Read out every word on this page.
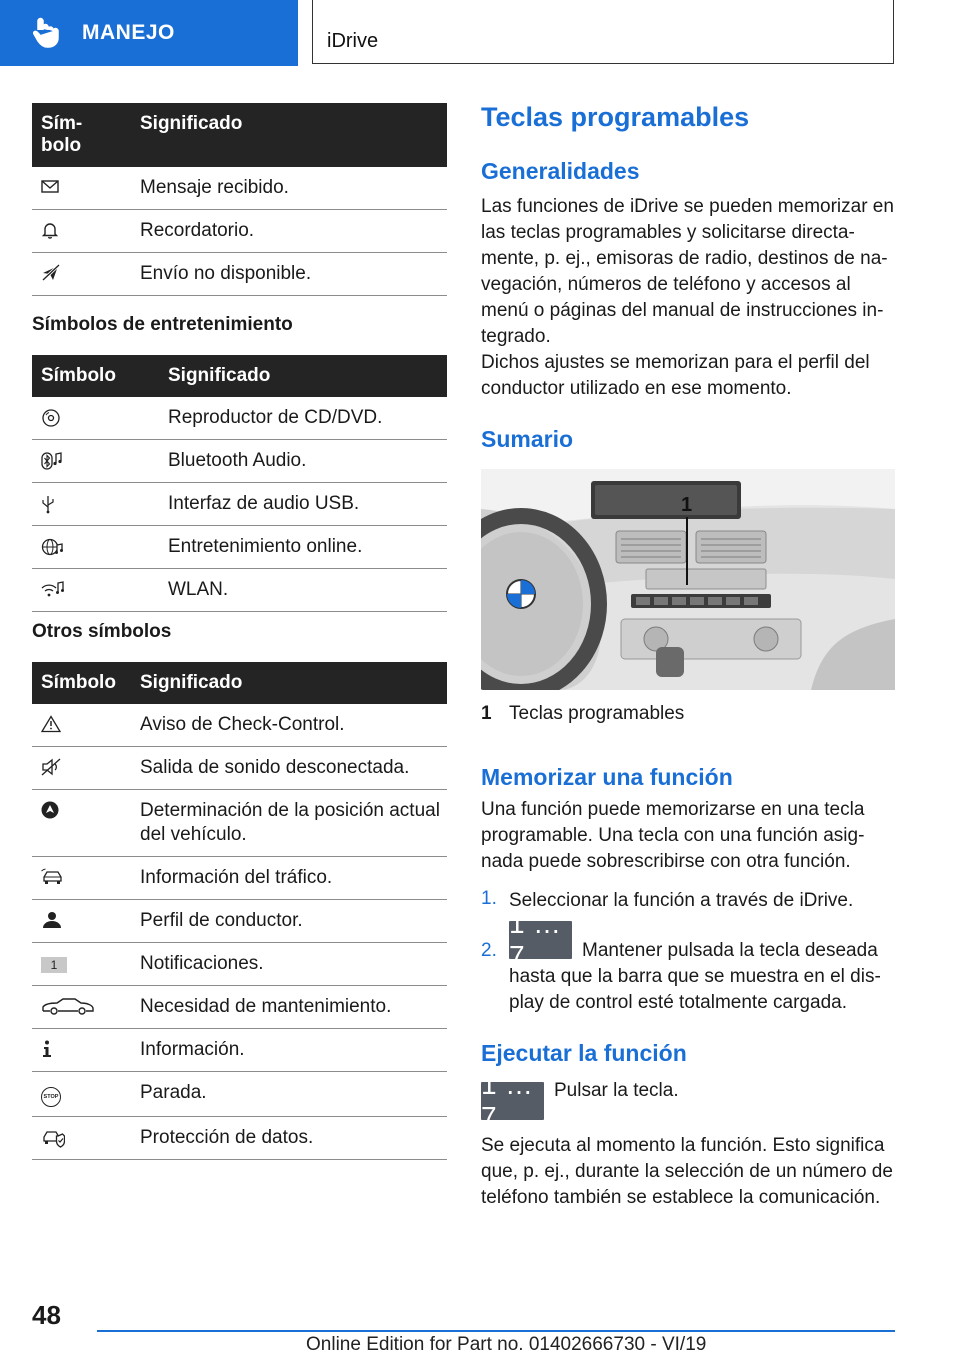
MANEJO	iDrive
Sím-
bolo	Significado

	Mensaje recibido.

	Recordatorio.

	Envío no disponible.
Símbolos de entretenimiento
Símbolo	Significado

	Reproductor de CD/DVD.

	Bluetooth Audio.

	Interfaz de audio USB.

	Entretenimiento online.

	WLAN.
Otros símbolos
Símbolo	Significado

	Aviso de Check-Control.

	Salida de sonido desconectada.

	Determinación de la posición actual del vehículo.

	Información del tráfico.

	Perfil de conductor.
1	Notificaciones.

	Necesidad de mantenimiento.

	Información.
STOP	Parada.

	Protección de datos.
Teclas programables
Generalidades
Las funciones de iDrive se pueden memorizar en las teclas programables y solicitarse directa-mente, p. ej., emisoras de radio, destinos de na-vegación, números de teléfono y accesos al menú o páginas del manual de instrucciones in-tegrado.
Dichos ajustes se memorizan para el perfil del conductor utilizado en ese momento.
Sumario
1
1 Teclas programables
Memorizar una función
Una función puede memorizarse en una tecla programable. Una tecla con una función asig-nada puede sobrescribirse con otra función.
1. Seleccionar la función a través de iDrive.
2.
1 ... 7	Mantener pulsada la tecla deseada hasta que la barra que se muestra en el dis-play de control esté totalmente cargada.
Ejecutar la función
1 ... 7
Pulsar la tecla.
Se ejecuta al momento la función. Esto significa que, p. ej., durante la selección de un número de teléfono también se establece la comunicación.
48
Online Edition for Part no. 01402666730 - VI/19
